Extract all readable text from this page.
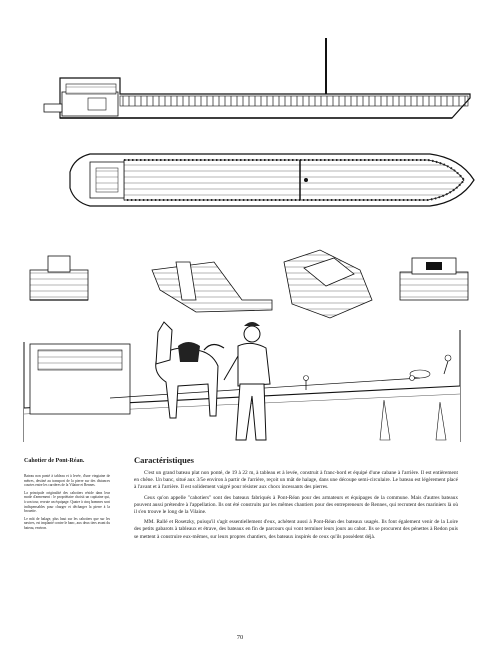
Cahotier de Pont-Réan.

Bateau non ponté à tableau et à levée, d'une vingtaine de mètres, destiné au transport de la pierre sur des distances courtes entre les carrières de la Vilaine et Rennes.

La principale originalité des cahotiers réside dans leur mode d'armement : le propriétaire choisit un capitaine qui, à son tour, recrute un équipage. Quatre à cinq hommes sont indispensables pour charger et décharger la pierre à la brouette.

Le mât de halage, plus haut sur les cahotiers que sur les navires, est implanté contre le banc, aux deux tiers avant du bateau, environ.

Caractéristiques

C'est un grand bateau plat non ponté, de 19 à 22 m, à tableau et à levée, construit à franc-bord et équipé d'une cabane à l'arrière. Il est entièrement en chêne. Un banc, situé aux 3/5e environ à partir de l'arrière, reçoit un mât de halage, dans une découpe semi-circulaire. Le bateau est légèrement placé à l'avant et à l'arrière. Il est solidement vaigré pour résister aux chocs incessants des pierres.

Ceux qu'on appelle "cahotiers" sont des bateaux fabriqués à Pont-Réan pour des armateurs et équipages de la commune. Mais d'autres bateaux pouvent aussi prétendre à l'appellation. Ils ont été construits par les mêmes chantiers pour des entrepreneurs de Rennes, qui recrutent des mariniers là où il s'en trouve le long de la Vilaine.

MM. Rallé et Rosetzky, puisqu'il s'agit essentiellement d'eux, achètent aussi à Pont-Réan des bateaux usagés. Ils font également venir de la Loire des petits gabarots à tableaux et étrave, des bateaux en fin de parcours qui vont terminer leurs jours au cahot. Ils se procurent des pénettes à Redon puis se mettent à construire eux-mêmes, sur leurs propres chantiers, des bateaux inspirés de ceux qu'ils possèdent déjà.

70
